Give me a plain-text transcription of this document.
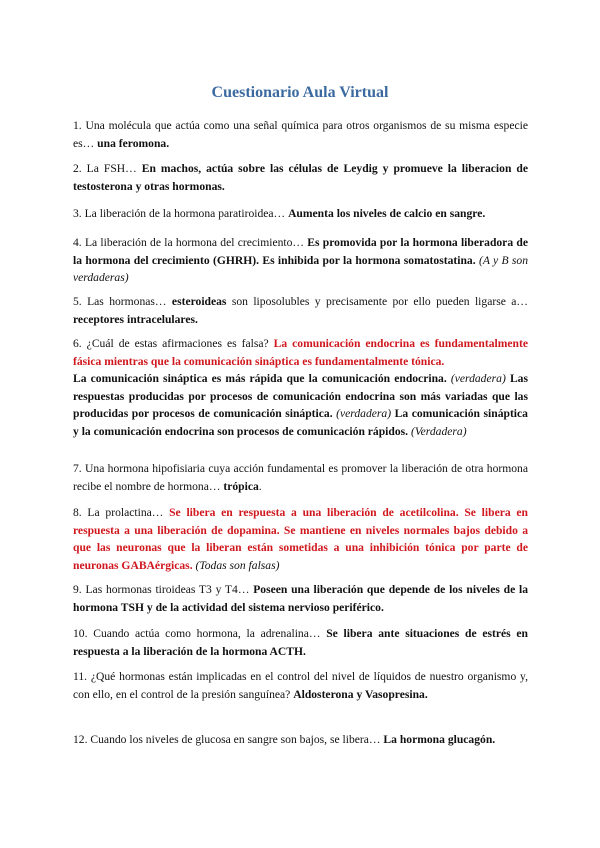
Cuestionario Aula Virtual
1. Una molécula que actúa como una señal química para otros organismos de su misma especie es… una feromona.
2. La FSH… En machos, actúa sobre las células de Leydig y promueve la liberacion de testosterona y otras hormonas.
3. La liberación de la hormona paratiroidea… Aumenta los niveles de calcio en sangre.
4. La liberación de la hormona del crecimiento… Es promovida por la hormona liberadora de la hormona del crecimiento (GHRH). Es inhibida por la hormona somatostatina. (A y B son verdaderas)
5. Las hormonas… esteroideas son liposolubles y precisamente por ello pueden ligarse a… receptores intracelulares.
6. ¿Cuál de estas afirmaciones es falsa? La comunicación endocrina es fundamentalmente fásica mientras que la comunicación sináptica es fundamentalmente tónica.
La comunicación sináptica es más rápida que la comunicación endocrina. (verdadera) Las respuestas producidas por procesos de comunicación endocrina son más variadas que las producidas por procesos de comunicación sináptica. (verdadera) La comunicación sináptica y la comunicación endocrina son procesos de comunicación rápidos. (Verdadera)
7. Una hormona hipofisiaria cuya acción fundamental es promover la liberación de otra hormona recibe el nombre de hormona… trópica.
8. La prolactina… Se libera en respuesta a una liberación de acetilcolina. Se libera en respuesta a una liberación de dopamina. Se mantiene en niveles normales bajos debido a que las neuronas que la liberan están sometidas a una inhibición tónica por parte de neuronas GABAérgicas. (Todas son falsas)
9. Las hormonas tiroideas T3 y T4… Poseen una liberación que depende de los niveles de la hormona TSH y de la actividad del sistema nervioso periférico.
10. Cuando actúa como hormona, la adrenalina… Se libera ante situaciones de estrés en respuesta a la liberación de la hormona ACTH.
11. ¿Qué hormonas están implicadas en el control del nivel de líquidos de nuestro organismo y, con ello, en el control de la presión sanguínea? Aldosterona y Vasopresina.
12. Cuando los niveles de glucosa en sangre son bajos, se libera… La hormona glucagón.
